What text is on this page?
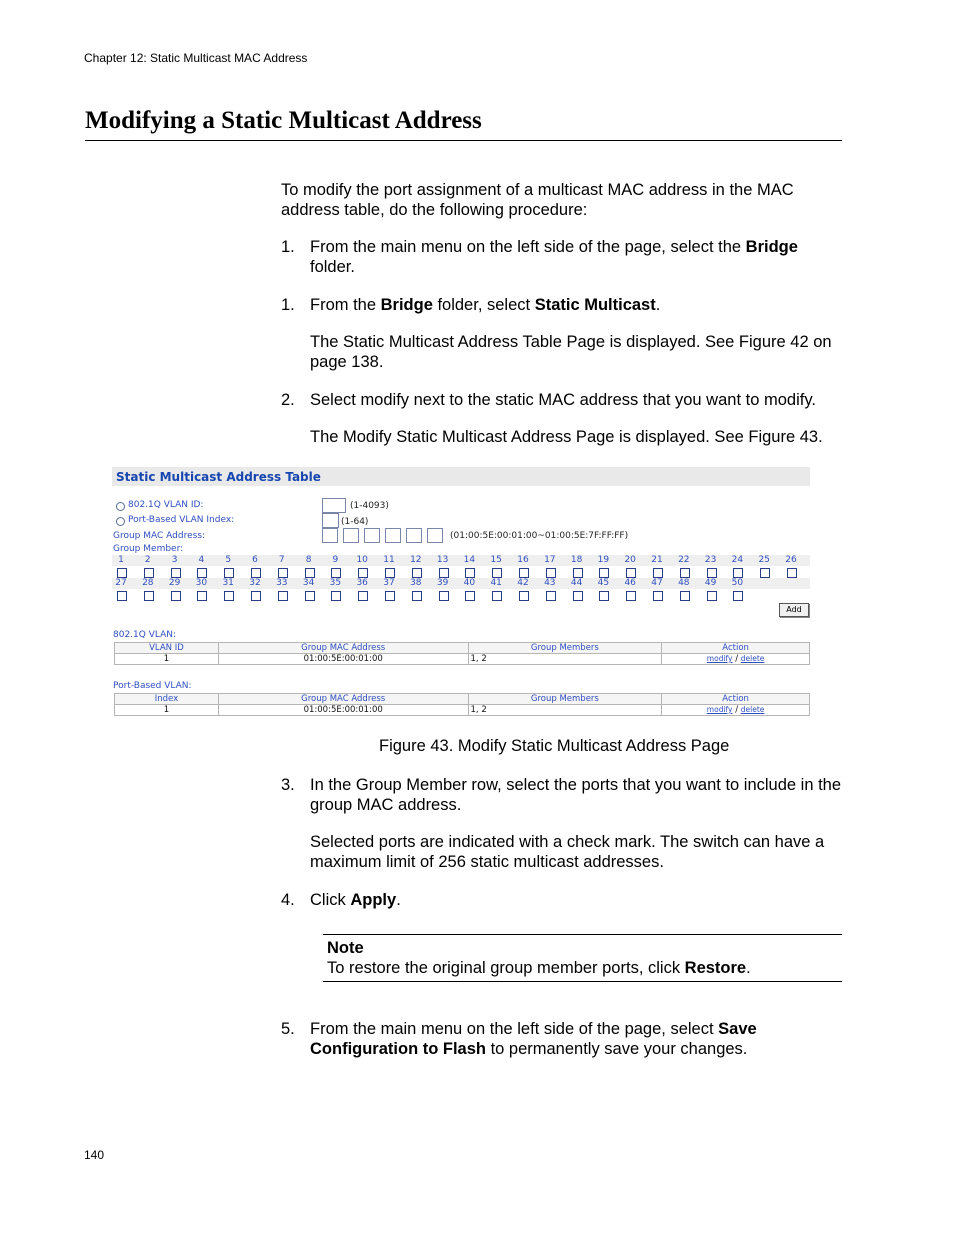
Chapter 12: Static Multicast MAC Address
Modifying a Static Multicast Address
To modify the port assignment of a multicast MAC address in the MAC address table, do the following procedure:
1. From the main menu on the left side of the page, select the Bridge folder.
1. From the Bridge folder, select Static Multicast.
The Static Multicast Address Table Page is displayed. See Figure 42 on page 138.
2. Select modify next to the static MAC address that you want to modify.
The Modify Static Multicast Address Page is displayed. See Figure 43.
3. In the Group Member row, select the ports that you want to include in the group MAC address.
Selected ports are indicated with a check mark. The switch can have a maximum limit of 256 static multicast addresses.
4. Click Apply.
5. From the main menu on the left side of the page, select Save Configuration to Flash to permanently save your changes.
Static Multicast Address Table
802.1Q VLAN ID:	(1-4093)
Port-Based VLAN Index:	(1-64)
Group MAC Address:	(01:00:5E:00:01:00~01:00:5E:7F:FF:FF)
Group Member:
Add
802.1Q VLAN:
VLAN ID	Group MAC Address	Group Members	Action
1	01:00:5E:00:01:00	1, 2	modify / delete
Port-Based VLAN:
Index	Group MAC Address	Group Members	Action
1	01:00:5E:00:01:00	1, 2	modify / delete
1	2	3	4	5	6	7	8	9	10	11	12	13	14	15	16	17	18	19	20	21	22	23	24	25	26
27	28	29	30	31	32	33	34	35	36	37	38	39	40	41	42	43	44	45	46	47	48	49	50
Figure 43. Modify Static Multicast Address Page
Note
To restore the original group member ports, click Restore.
140
